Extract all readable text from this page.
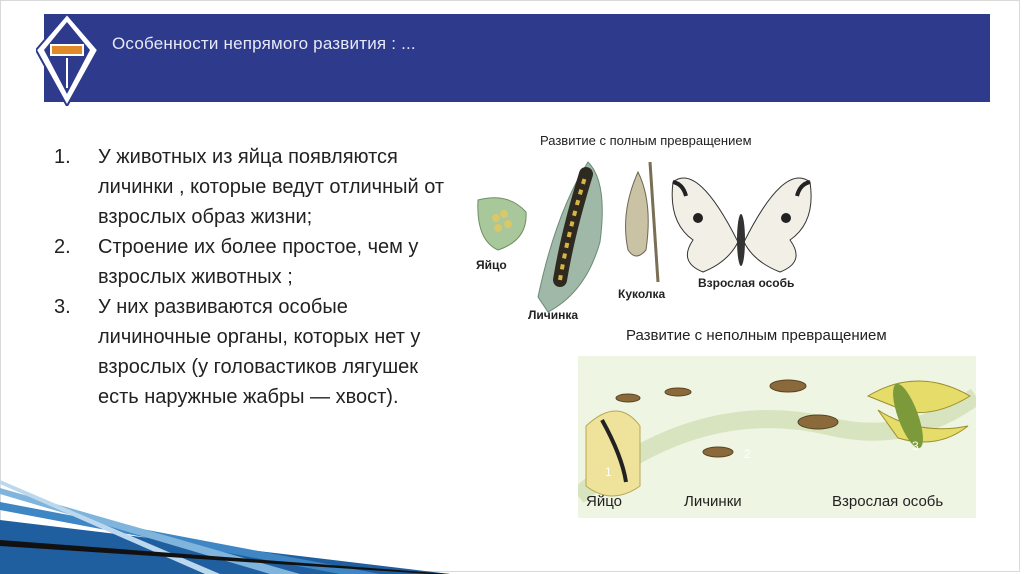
Особенности непрямого развития : ...
1. У животных из яйца появляются личинки , которые ведут отличный от взрослых образ жизни;
2. Строение их более простое, чем у взрослых животных ;
3. У них развиваются особые личиночные органы, которых нет у взрослых (у головастиков лягушек есть наружные жабры — хвост).
Развитие с полным превращением
Яйцо
Личинка
Куколка
Взрослая особь
Развитие с неполным превращением
1
2
3
Яйцо	Личинки	Взрослая особь
